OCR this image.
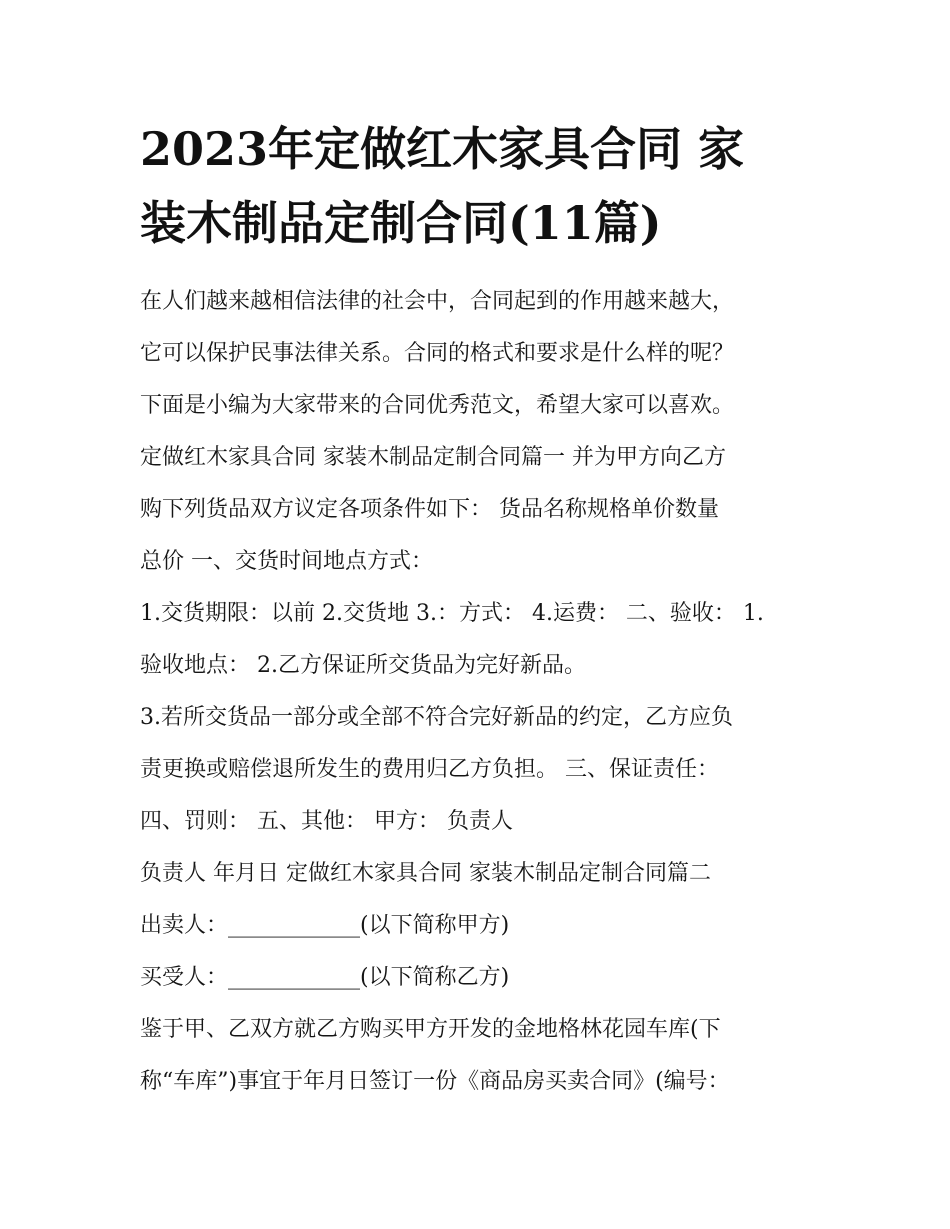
2023年定做红木家具合同 家
装木制品定制合同(11篇)
在人们越来越相信法律的社会中，合同起到的作用越来越大，
它可以保护民事法律关系。合同的格式和要求是什么样的呢？
下面是小编为大家带来的合同优秀范文，希望大家可以喜欢。
定做红木家具合同 家装木制品定制合同篇一 并为甲方向乙方
购下列货品双方议定各项条件如下： 货品名称规格单价数量
总价 一、交货时间地点方式：
1.交货期限：以前 2.交货地 3.：方式： 4.运费： 二、验收： 1.
验收地点： 2.乙方保证所交货品为完好新品。
3.若所交货品一部分或全部不符合完好新品的约定，乙方应负
责更换或赔偿退所发生的费用归乙方负担。 三、保证责任：
四、罚则： 五、其他： 甲方： 负责人
负责人 年月日 定做红木家具合同 家装木制品定制合同篇二
出卖人：____________(以下简称甲方)
买受人：____________(以下简称乙方)
鉴于甲、乙双方就乙方购买甲方开发的金地格林花园车库(下
称“车库”)事宜于年月日签订一份《商品房买卖合同》(编号：
